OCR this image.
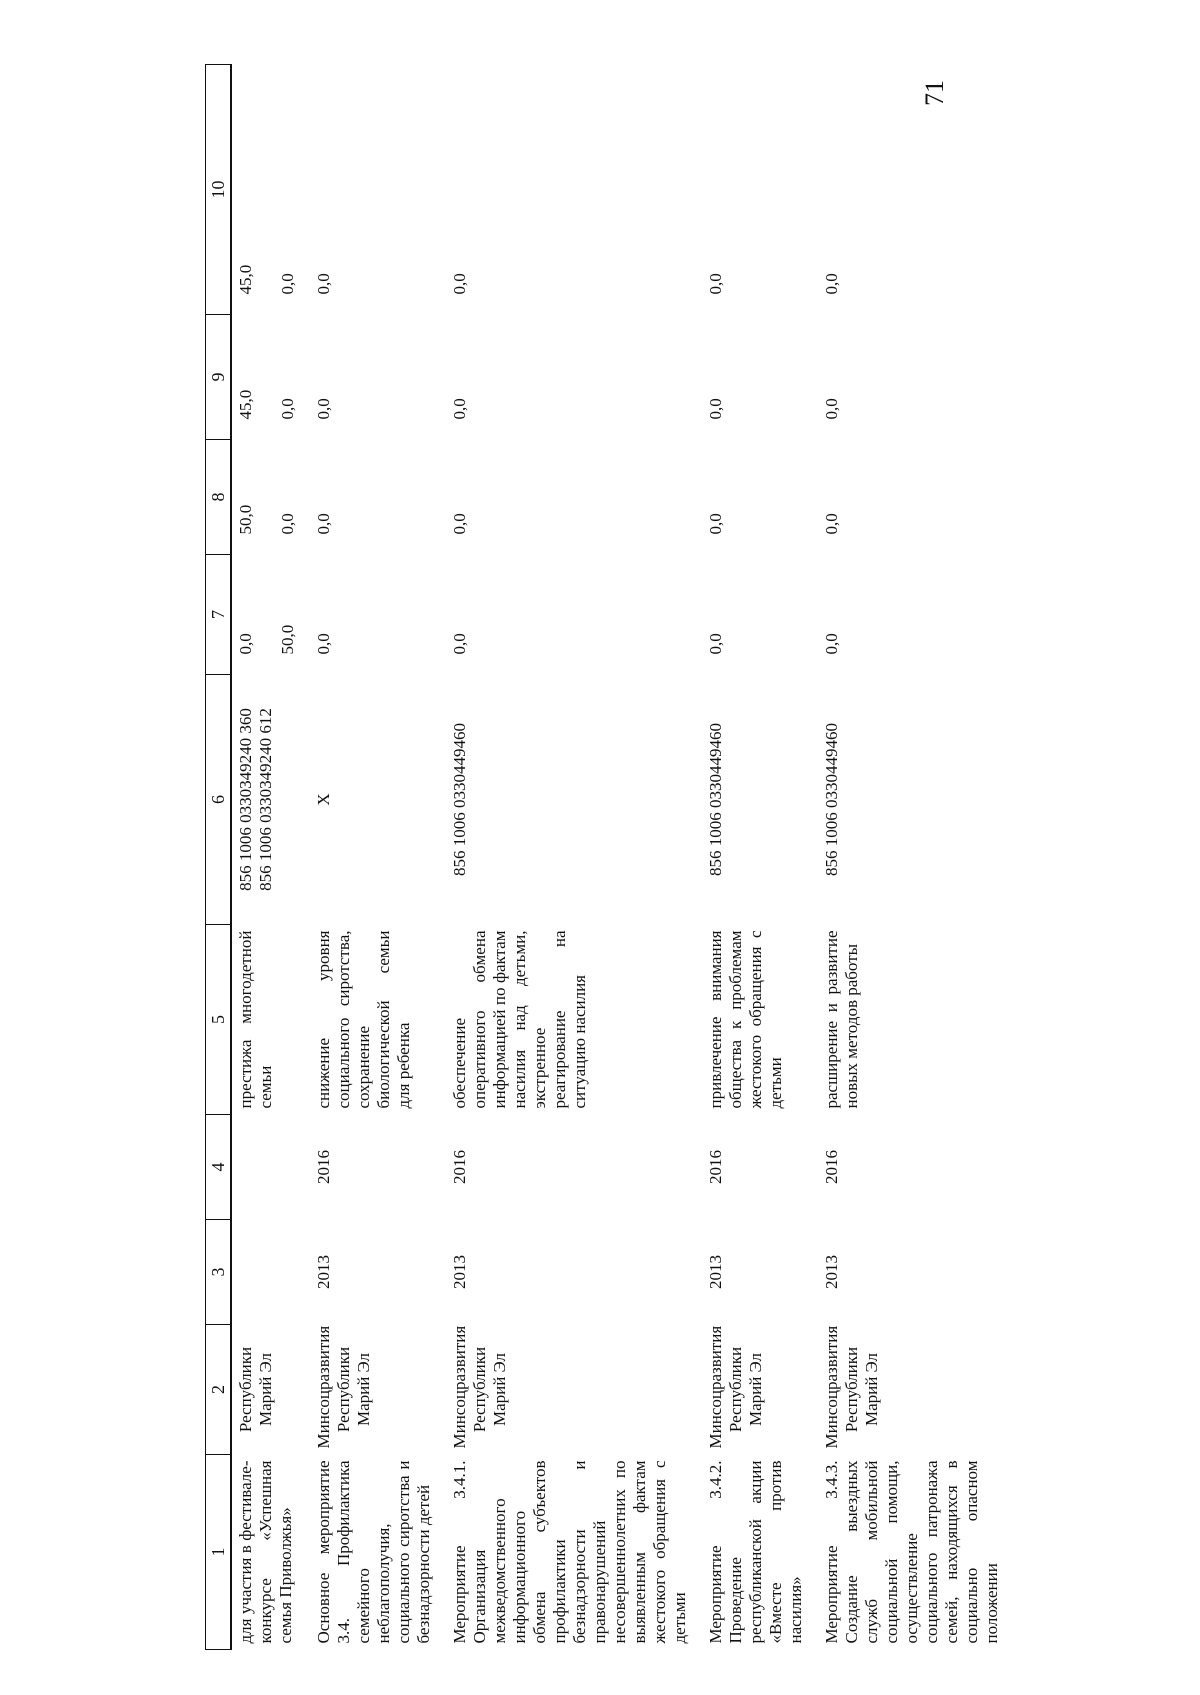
71
1	2	3	4	5	6	7	8	9	10
для участия в фестивале-конкурсе «Успешная семья Приволжья»	Республики Марий Эл			престижа многодетной семьи	856 1006 0330349240 360 856 1006 0330349240 612	0,0 50,0	50,0 0,0	45,0 0,0	45,0 0,0

Основное мероприятие 3.4. Профилактика семейного неблагополучия, социального сиротства и безнадзорности детей	Минсоцразвития Республики Марий Эл	2013	2016	снижение уровня социального сиротства, сохранение биологической семьи для ребенка	Х	0,0	0,0	0,0	0,0
Мероприятие 3.4.1. Организация межведомственного информационного обмена субъектов профилактики безнадзорности и правонарушений несовершеннолетних по выявленным фактам жестокого обращения с детьми	Минсоцразвития Республики Марий Эл	2013	2016	обеспечение оперативного обмена информацией по фактам насилия над детьми, экстренное реагирование на ситуацию насилия	856 1006 0330449460	0,0	0,0	0,0	0,0
Мероприятие 3.4.2. Проведение республиканской акции «Вместе против насилия»	Минсоцразвития Республики Марий Эл	2013	2016	привлечение внимания общества к проблемам жестокого обращения с детьми	856 1006 0330449460	0,0	0,0	0,0	0,0
Мероприятие 3.4.3. Создание выездных служб мобильной социальной помощи, осуществление социального патронажа семей, находящихся в социально опасном положении	Минсоцразвития Республики Марий Эл	2013	2016	расширение и развитие новых методов работы	856 1006 0330449460	0,0	0,0	0,0	0,0
